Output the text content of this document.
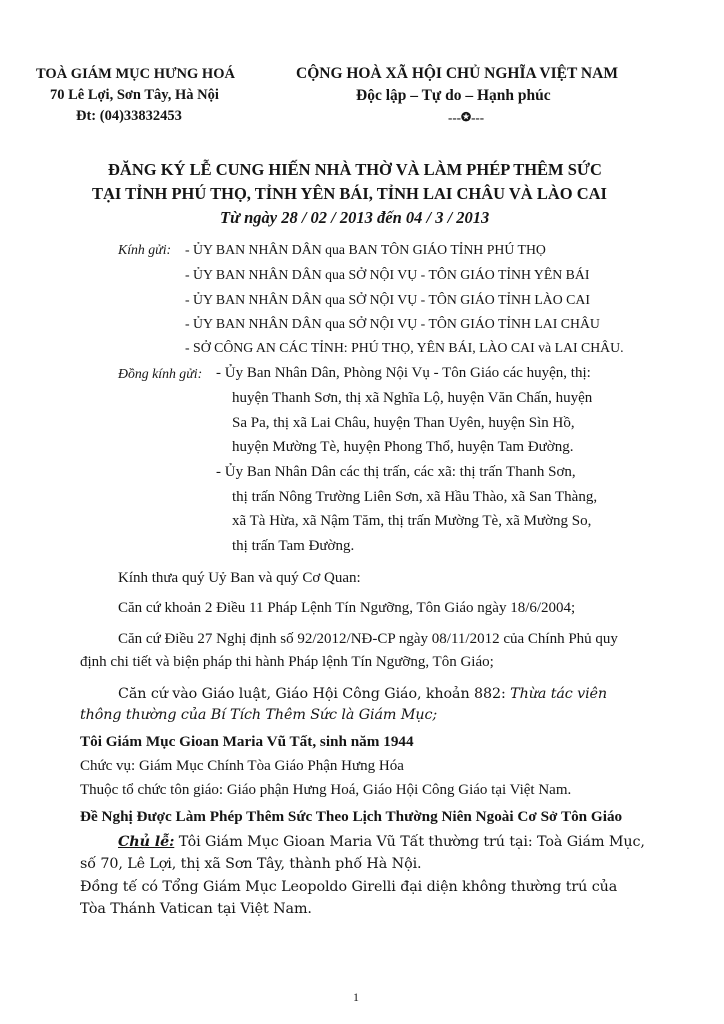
TOÀ GIÁM MỤC HƯNG HOÁ
70 Lê Lợi, Sơn Tây, Hà Nội
Đt: (04)33832453
CỘNG HOÀ XÃ HỘI CHỦ NGHĨA VIỆT NAM
Độc lập – Tự do – Hạnh phúc
---✪---
ĐĂNG KÝ LỄ CUNG HIẾN NHÀ THỜ VÀ LÀM PHÉP THÊM SỨC
TẠI TỈNH PHÚ THỌ, TỈNH YÊN BÁI, TỈNH LAI CHÂU VÀ LÀO CAI
Từ ngày 28 / 02 / 2013 đến 04 / 3 / 2013
Kính gửi: - ỦY BAN NHÂN DÂN qua BAN TÔN GIÁO TỈNH PHÚ THỌ
- ỦY BAN NHÂN DÂN qua SỞ NỘI VỤ - TÔN GIÁO TỈNH YÊN BÁI
- ỦY BAN NHÂN DÂN qua SỞ NỘI VỤ - TÔN GIÁO TỈNH LÀO CAI
- ỦY BAN NHÂN DÂN qua SỞ NỘI VỤ - TÔN GIÁO TỈNH LAI CHÂU
- SỞ CÔNG AN CÁC TỈNH: PHÚ THỌ, YÊN BÁI, LÀO CAI và LAI CHÂU.
Đồng kính gửi: - Ủy Ban Nhân Dân, Phòng Nội Vụ - Tôn Giáo các huyện, thị:
huyện Thanh Sơn, thị xã Nghĩa Lộ, huyện Văn Chấn, huyện
Sa Pa, thị xã Lai Châu, huyện Than Uyên, huyện Sìn Hồ,
huyện Mường Tè, huyện Phong Thổ, huyện Tam Đường.
- Ủy Ban Nhân Dân các thị trấn, các xã: thị trấn Thanh Sơn,
thị trấn Nông Trường Liên Sơn, xã Hầu Thào, xã San Thàng,
xã Tà Hừa, xã Nậm Tăm, thị trấn Mường Tè, xã Mường So,
thị trấn Tam Đường.
Kính thưa quý Uỷ Ban và quý Cơ Quan:
Căn cứ khoản 2 Điều 11 Pháp Lệnh Tín Ngưỡng, Tôn Giáo ngày 18/6/2004;
Căn cứ Điều 27 Nghị định số 92/2012/NĐ-CP ngày 08/11/2012 của Chính Phủ quy
định chi tiết và biện pháp thi hành Pháp lệnh Tín Ngưỡng, Tôn Giáo;
Căn cứ vào Giáo luật, Giáo Hội Công Giáo, khoản 882: Thừa tác viên
thông thường của Bí Tích Thêm Sức là Giám Mục;
Tôi Giám Mục Gioan Maria Vũ Tất, sinh năm 1944
Chức vụ: Giám Mục Chính Tòa Giáo Phận Hưng Hóa
Thuộc tổ chức tôn giáo: Giáo phận Hưng Hoá, Giáo Hội Công Giáo tại Việt Nam.
Đề Nghị Được Làm Phép Thêm Sức Theo Lịch Thường Niên Ngoài Cơ Sở Tôn Giáo
Chủ lễ: Tôi Giám Mục Gioan Maria Vũ Tất thường trú tại: Toà Giám Mục,
số 70, Lê Lợi, thị xã Sơn Tây, thành phố Hà Nội.
Đồng tế có Tổng Giám Mục Leopoldo Girelli đại diện không thường trú của
Tòa Thánh Vatican tại Việt Nam.
1
